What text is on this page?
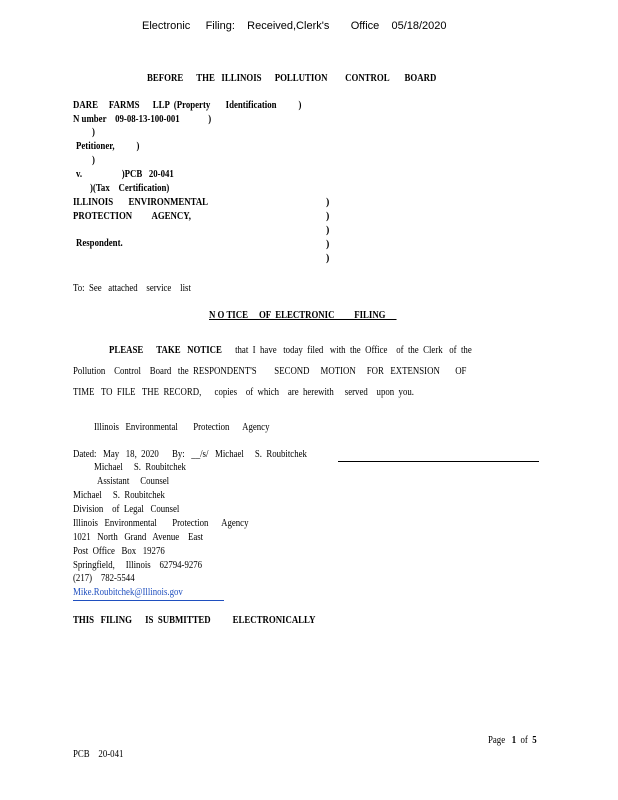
Electronic     Filing:    Received,Clerk's       Office    05/18/2020
BEFORE      THE   ILLINOIS      POLLUTION        CONTROL       BOARD
DARE     FARMS      LLP  (Property       Identification          )
N umber    09-08-13-100-001             )
)
Petitioner,          )
)
v.                  )PCB   20-041
)(Tax    Certification)
ILLINOIS       ENVIRONMENTAL
PROTECTION         AGENCY,
Respondent.
)
)
)
)
)
To:  See   attached    service    list
N O TICE     OF  ELECTRONIC         FILING
PLEASE      TAKE   NOTICE      that  I  have   today  filed   with  the  Office    of  the  Clerk   of  the
Pollution    Control    Board   the  RESPONDENT'S        SECOND     MOTION     FOR   EXTENSION       OF
TIME   TO  FILE   THE  RECORD,      copies    of  which    are  herewith     served    upon  you.
Illinois   Environmental       Protection      Agency
Dated:   May   18,  2020      By:   __/s/   Michael     S.  Roubitchek
Michael     S.  Roubitchek
Assistant     Counsel
Michael     S.  Roubitchek
Division    of  Legal   Counsel
Illinois   Environmental       Protection      Agency
1021   North   Grand   Avenue    East
Post  Office   Box   19276
Springfield,     Illinois    62794-9276
(217)    782-5544
Mike.Roubitchek@Illinois.gov
THIS   FILING      IS  SUBMITTED          ELECTRONICALLY
Page   1  of  5
PCB    20-041
